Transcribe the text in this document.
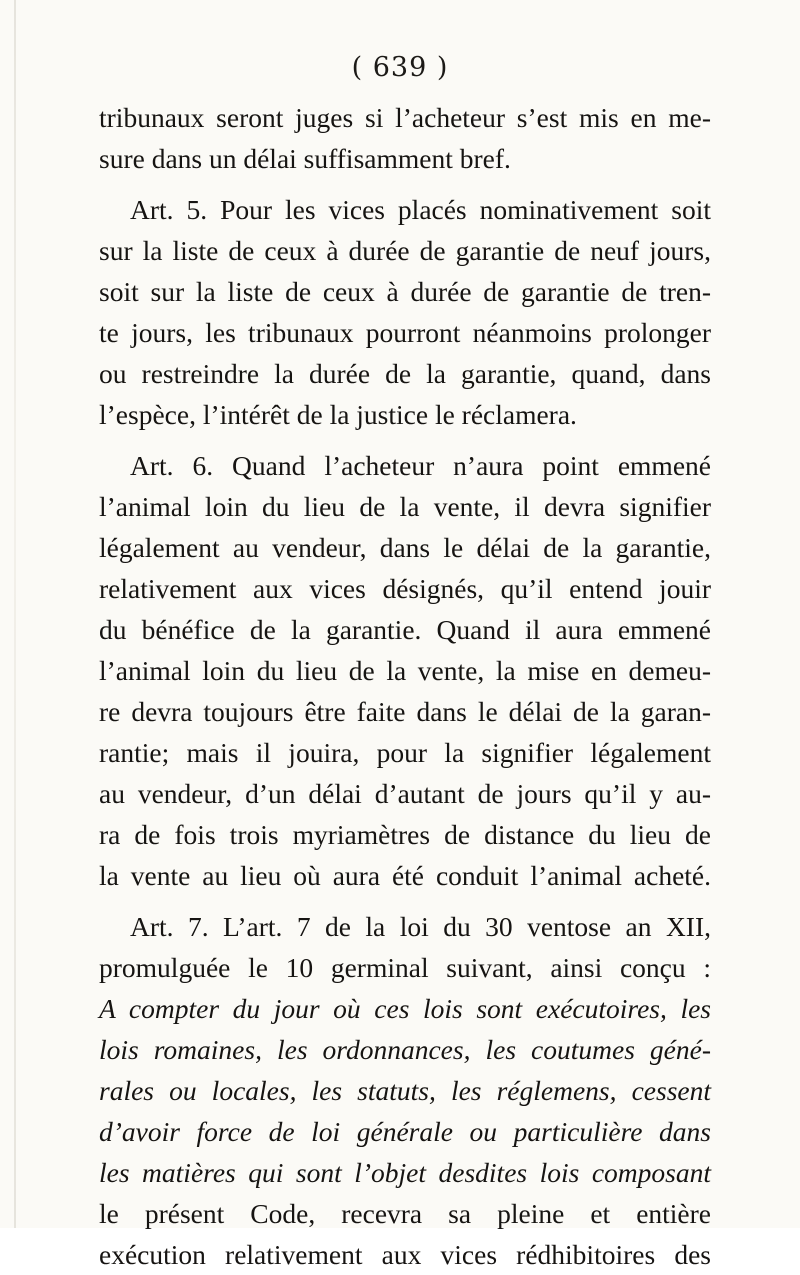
( 639 )
tribunaux seront juges si l’acheteur s’est mis en me-
sure dans un délai suffisamment bref.
Art. 5. Pour les vices placés nominativement soit
sur la liste de ceux à durée de garantie de neuf jours,
soit sur la liste de ceux à durée de garantie de tren-
te jours, les tribunaux pourront néanmoins prolonger
ou restreindre la durée de la garantie, quand, dans
l’espèce, l’intérêt de la justice le réclamera.
Art. 6. Quand l’acheteur n’aura point emmené
l’animal loin du lieu de la vente, il devra signifier
légalement au vendeur, dans le délai de la garantie,
relativement aux vices désignés, qu’il entend jouir
du bénéfice de la garantie. Quand il aura emmené
l’animal loin du lieu de la vente, la mise en demeu-
re devra toujours être faite dans le délai de la garan-
rantie; mais il jouira, pour la signifier légalement
au vendeur, d’un délai d’autant de jours qu’il y au-
ra de fois trois myriamètres de distance du lieu de
la vente au lieu où aura été conduit l’animal acheté.
Art. 7. L’art. 7 de la loi du 30 ventose an XII,
promulguée le 10 germinal suivant, ainsi conçu :
A compter du jour où ces lois sont exécutoires, les
lois romaines, les ordonnances, les coutumes géné-
rales ou locales, les statuts, les réglemens, cessent
d’avoir force de loi générale ou particulière dans
les matières qui sont l’objet desdites lois composant
le présent Code, recevra sa pleine et entière
exécution relativement aux vices rédhibitoires des
